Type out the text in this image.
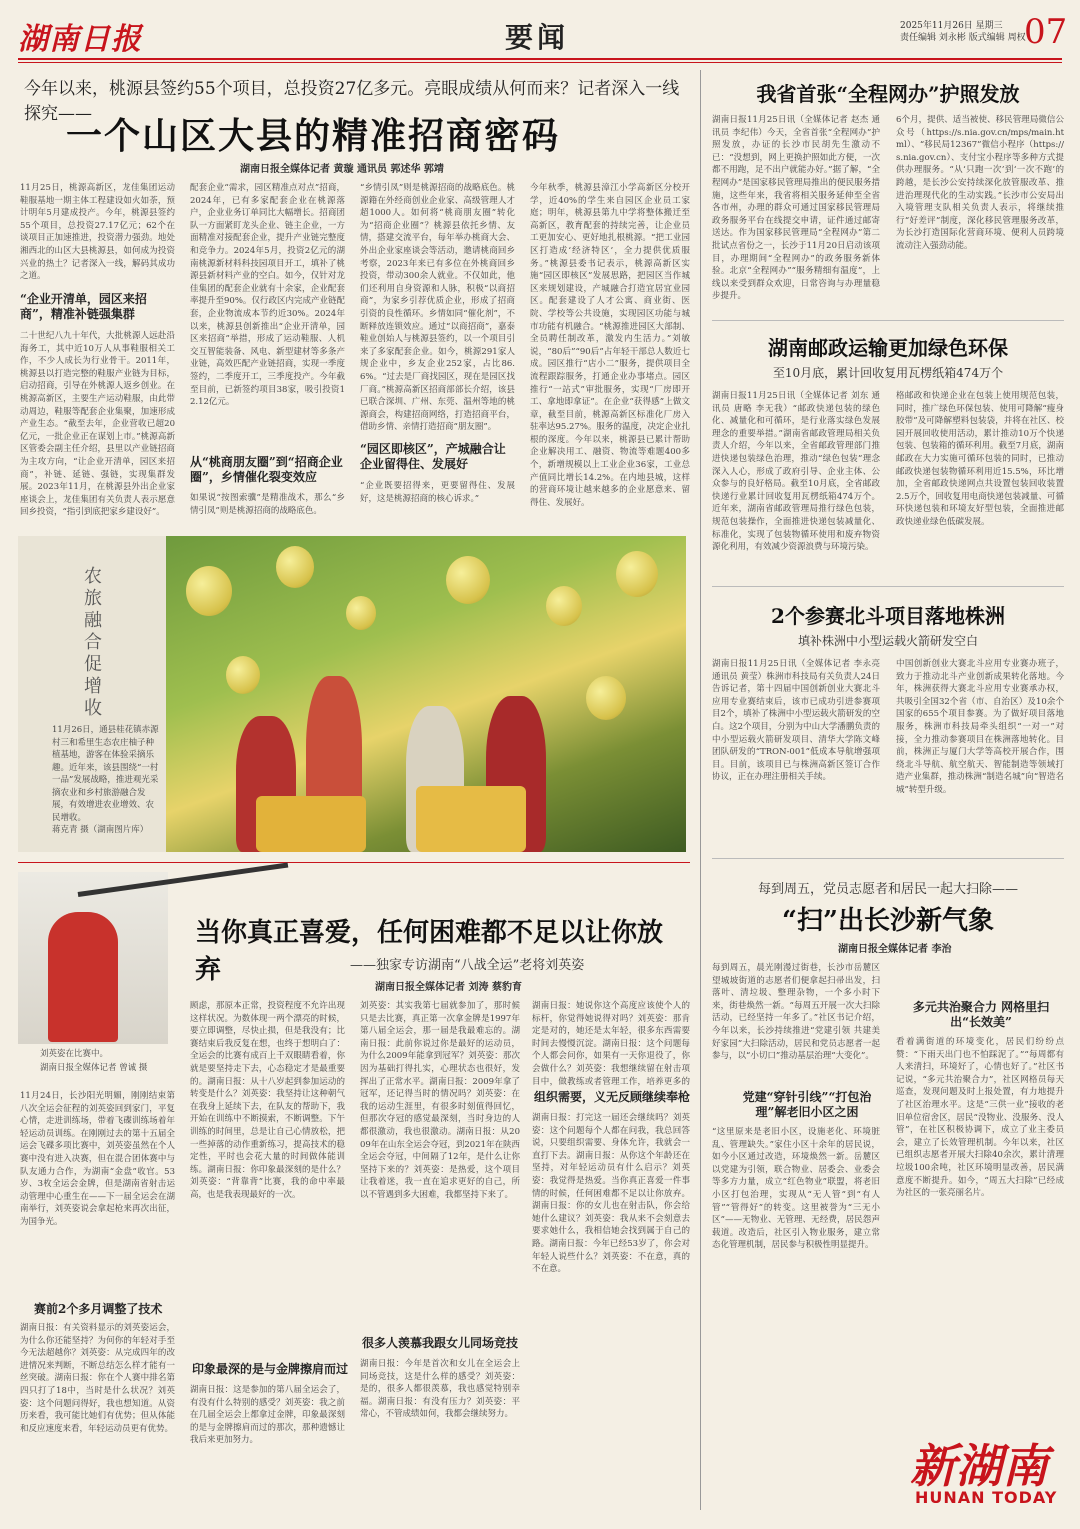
湖南日报	要闻	2025年11月26日 星期三
责任编辑 刘永彬 版式编辑 周权
07
今年以来，桃源县签约55个项目，总投资27亿多元。亮眼成绩从何而来？记者深入一线探究——
一个山区大县的精准招商密码
湖南日报全媒体记者 黄璇 通讯员 郭述华 郭靖
11月25日，桃源高新区，龙佳集团运动鞋服基地一期主体工程建设如火如荼，预计明年5月建成投产。今年，桃源县签约55个项目，总投资27.17亿元；62个在谈项目正加速推进，投资潜力强劲。地处湘西北的山区大县桃源县，如何成为投资兴业的热土？记者深入一线，解码其成功之道。
“企业开清单，园区来招商”，精准补链强集群
二十世纪八九十年代，大批桃源人远赴沿海务工，其中近10万人从事鞋服相关工作，不少人成长为行业骨干。2011年，桃源县以打造完整的鞋服产业链为目标，启动招商，引导在外桃源人返乡创业。在桃源高新区，主要生产运动鞋服，由此带动周边，鞋服等配套企业集聚，加速形成产业生态。“截至去年，企业营收已超20亿元，一批企业正在谋划上市。”桃源高新区管委会副主任介绍，县里以产业链招商为主攻方向，“让企业开清单，园区来招商”，补链、延链、强链，实现集群发展。2023年11月，在桃源县外出企业家座谈会上，龙佳集团有关负责人表示愿意回乡投资，“指引到底把家乡建设好”。
配套企业“需求，园区精准点对点”招商，2024年，已有多家配套企业在桃源落户，企业业务订单同比大幅增长。招商团队一方面紧盯龙头企业、链主企业，一方面精准对接配套企业，提升产业链完整度和竞争力。2024年5月，投资2亿元的湖南桃源新材料科技园项目开工，填补了桃源县新材料产业的空白。如今，仅针对龙佳集团的配套企业就有十余家，企业配套率提升至90%。仅行政区内完成产业链配套，企业物流成本节约近30%。2024年以来，桃源县创新推出“企业开清单，园区来招商”举措，形成了运动鞋服、人机交互智能装备、风电、新型建材等多条产业链，高效匹配产业链招商，实现一季度签约，二季度开工，三季度投产。今年截至目前，已新签约项目38家，吸引投资12.12亿元。
从“桃商朋友圈”到“招商企业圈”，乡情催化裂变效应
如果说“按图索骥”是精准战术，那么“乡情引凤”则是桃源招商的战略底色。
“乡情引凤”则是桃源招商的战略底色。桃源籍在外经商创业企业家、高级管理人才超1000人。如何将“桃商朋友圈”转化为“招商企业圈”？桃源县依托乡情、友情，搭建交流平台，每年举办桃商大会、外出企业家座谈会等活动，邀请桃商回乡考察，2023年来已有多位在外桃商回乡投资，带动300余人就业。不仅如此，他们还利用自身资源和人脉，积极“以商招商”，为家乡引荐优质企业，形成了招商引资的良性循环。乡情如同“催化剂”，不断释放连锁效应。通过“以商招商”，嘉泰鞋业创始人与桃源县签约，以一个项目引来了多家配套企业。如今，桃源291家人规企业中，乡友企业252家，占比86.6%。“过去是厂商找园区，现在是园区找厂商。”桃源高新区招商部部长介绍，该县已联合深圳、广州、东莞、温州等地的桃源商会，构建招商网络，打造招商平台，借助乡情、亲情打造招商“朋友圈”。
“园区即核区”，产城融合让企业留得住、发展好
“企业既要招得来，更要留得住、发展好，这是桃源招商的核心诉求。”
今年秋季，桃源县漳江小学高新区分校开学，近40%的学生来自园区企业员工家庭；明年，桃源县第九中学将整体搬迁至高新区，教育配套的持续完善，让企业员工更加安心、更好地扎根桃源。“把工业园区打造成‘经济特区’，全力提供优质服务。”桃源县委书记表示，桃源高新区实施“园区即核区”发展思路，把园区当作城区来规划建设，产城融合打造宜居宜业园区。配套建设了人才公寓、商业街、医院、学校等公共设施，实现园区功能与城市功能有机融合。“桃源推进园区大部制、全员聘任制改革，激发内生活力。”刘敏说，“80后”“90后”占年轻干部总人数近七成。园区推行“店小二”服务，提供项目全流程跟踪服务，打通企业办事堵点。园区推行“一站式”审批服务，实现“厂房即开工、拿地即拿证”。在企业“获得感”上做文章，截至目前，桃源高新区标准化厂房入驻率达95.27%。服务的温度，决定企业扎根的深度。今年以来，桃源县已累计帮助企业解决用工、融资、物流等难题400多个，新增规模以上工业企业36家，工业总产值同比增长14.2%。在内地县城，这样的营商环境让越来越多的企业愿意来、留得住、发展好。
农旅融合促增收
11月26日，通县桂花镇赤源村三和希里生态农庄柚子种植基地，游客在体验采摘乐趣。近年来，该县围绕“一村一品”发展战略，推进观光采摘农业和乡村旅游融合发展，有效增进农业增效、农民增收。
蒋克青 摄（湖南图片库）
刘英姿在比赛中。
湖南日报全媒体记者 曾诚 摄
当你真正喜爱，任何困难都不足以让你放弃	——独家专访湖南“八战全运”老将刘英姿
湖南日报全媒体记者 刘涛 蔡豹育
11月24日，长沙阳光明媚，刚刚结束第八次全运会征程的刘英姿回到家门，平复心情，走进训练场，带着飞碟训练场着年轻运动员训练。在刚刚过去的第十五届全运会飞碟多项比赛中，刘英姿虽然在个人赛中没有进入决赛，但在混合团体赛中与队友通力合作，为湖南“金盘”收官。53岁、3枚全运会金牌，但是湖南省射击运动管理中心重生在——下一届全运会在湖南举行，刘英姿说会拿起枪来再次出征，为国争光。
赛前2个多月调整了技术
湖南日报：有关资料显示的刘英姿运会，为什么你还能坚持？为何你的年轻对手至今无法超越你？刘英姿：从完成四年的改进情况来判断，不断总结怎么样才能有一丝突破。湖南日报：你在个人赛中排名第四只打了18中，当时是什么状况？刘英姿：这个问题问得好，我也想知道。从资历来看，我可能比她们有优势；但从体能和反应速度来看，年轻运动员更有优势。
顾虑，那原本正常，投资程度不允许出现这样状况。为数体现一两个漂亮的时候，要立即调整，尽快止损，但是我没有；比赛结束后我反复在想，也终于想明白了：全运会的比赛有成百上千双眼睛看着，你就是要坚持走下去，心态稳定才是最重要的。湖南日报：从十八岁起到参加运动的转变是什么？刘英姿：我坚持让这种朝气在我身上延续下去，在队友的帮助下，我开始在训练中不断摸索，不断调整。下午训练的时间里，总是让自己心情放松，把一些掉落的动作重新练习，提高技术的稳定性，平时也会花大量的时间做体能训练。湖南日报：你印象最深刻的是什么？刘英姿：“背靠背”比赛，我的命中率最高，也是我表现最好的一次。
印象最深的是与金牌擦肩而过
湖南日报：这是参加的第八届全运会了，有没有什么特别的感受？刘英姿：我之前在几届全运会上都拿过金牌，印象最深刻的是与金牌擦肩而过的那次，那种遗憾让我后来更加努力。
刘英姿：其实我第七届就参加了，那时候只是去比赛，真正第一次拿金牌是1997年第八届全运会，那一届是我最难忘的。湖南日报：此前你说过你是最好的运动员，为什么2009年能拿到冠军？刘英姿：那次因为基础打得扎实，心理状态也很好，发挥出了正常水平。湖南日报：2009年拿了冠军，还记得当时的情况吗？刘英姿：在我的运动生涯里，有很多时刻值得回忆，但那次夺冠的感觉最深刻，当时身边的人都很激动，我也很激动。湖南日报：从2009年在山东全运会夺冠，到2021年在陕西全运会夺冠，中间隔了12年，是什么让你坚持下来的？刘英姿：是热爱，这个项目让我着迷，我一直在追求更好的自己，所以不管遇到多大困难，我都坚持下来了。
很多人羡慕我跟女儿同场竞技
湖南日报：今年是首次和女儿在全运会上同场竞技，这是什么样的感受？刘英姿：是的，很多人都很羡慕，我也感觉特别幸福。湖南日报：有没有压力？刘英姿：平常心，不管成绩如何，我都会继续努力。
湖南日报：她说你这个高度应该使个人的标杆，你觉得她说得对吗？刘英姿：那肯定是对的，她还是太年轻，很多东西需要时间去慢慢沉淀。湖南日报：这个问题每个人都会问你，如果有一天你退役了，你会做什么？刘英姿：我想继续留在射击项目中，做教练或者管理工作，培养更多的
组织需要，义无反顾继续奉枪
湖南日报：打完这一届还会继续吗？刘英姿：这个问题每个人都在问我，我总回答说，只要组织需要、身体允许，我就会一直打下去。湖南日报：从你这个年龄还在坚持，对年轻运动员有什么启示？刘英姿：我觉得是热爱。当你真正喜爱一件事情的时候，任何困难都不足以让你放弃。湖南日报：你的女儿也在射击队，你会给她什么建议？刘英姿：我从来不会刻意去要求她什么，我相信她会找到属于自己的路。湖南日报：今年已经53岁了，你会对年轻人说些什么？刘英姿：不在意，真的不在意。
我省首张“全程网办”护照发放
湖南日报11月25日讯（全媒体记者 赵杰 通讯员 李纪伟）今天，全省首张“全程网办”护照发放，办证的长沙市民胡先生激动不已：“没想到，网上更换护照如此方便，一次都不用跑，足不出户就能办好。”据了解，“全程网办”是国家移民管理局推出的便民服务措施，这些年来，我省将相关服务延伸至全省各市州，办理的群众可通过国家移民管理局政务服务平台在线提交申请，证件通过邮寄送达。作为国家移民管理局“全程网办”第二批试点省份之一，长沙于11月20日启动该项目，办理期间“全程网办”的政务服务新体验。北京“全程网办”“服务精细有温度”，上线以来受到群众欢迎，日常咨询与办理量稳步提升。
6个月，提供、适当被使、移民管理局微信公众号（https://s.nia.gov.cn/mps/main.html）、“移民局12367”微信小程序（https://s.nia.gov.cn）、支付宝小程序等多种方式提供办理服务。“从‘只跑一次’到‘一次不跑’的跨越，是长沙公安持续深化放管服改革、推进治理现代化的生动实践。”长沙市公安局出入境管理支队相关负责人表示，将继续推行“好差评”制度，深化移民管理服务改革，为长沙打造国际化营商环境、便利人员跨境流动注入强劲动能。
湖南邮政运输更加绿色环保
至10月底，累计回收复用瓦楞纸箱474万个
湖南日报11月25日讯（全媒体记者 刘东 通讯员 唐略 李无我）“邮政快递包装的绿色化、减量化和可循环，是行业落实绿色发展理念的重要举措。”湖南省邮政管理局相关负责人介绍，今年以来，全省邮政管理部门推进快递包装绿色治理，推动“绿色包装”理念深入人心，形成了政府引导、企业主体、公众参与的良好格局。截至10月底，全省邮政快递行业累计回收复用瓦楞纸箱474万个。近年来，湖南省邮政管理局推行绿色包装，规范包装操作，全面推进快递包装减量化、标准化，实现了包装物循环使用和废弃物资源化利用，有效减少资源浪费与环境污染。
格邮政和快递企业在包装上使用规范包装，同时，推广绿色环保包装、使用可降解“瘦身胶带”及可降解塑料包装袋，并将在社区、校园开展回收使用活动，累计推动10万个快递包装、包装箱的循环利用。截至7月底，湖南邮政在大力实施可循环包装的同时，已推动邮政快递包装物循环利用近15.5%，环比增加，全省邮政快递网点共设置包装回收装置2.5万个，回收复用电商快递包装减量、可循环快递包装和环境友好型包装，全面推进邮政快递业绿色低碳发展。
2个参赛北斗项目落地株洲
填补株洲中小型运载火箭研发空白
湖南日报11月25日讯（全媒体记者 李永亮 通讯员 黄莹）株洲市科技局有关负责人24日告诉记者，第十四届中国创新创业大赛北斗应用专业赛结束后，该市已成功引进参赛项目2个，填补了株洲中小型运载火箭研发的空白。这2个项目，分别为中山大学潘鹏负责的中小型运载火箭研发项目、清华大学陈文峰团队研发的“TRON-001”低成本导航增强项目。目前，该项目已与株洲高新区签订合作协议，正在办理注册相关手续。
中国创新创业大赛北斗应用专业赛办班子，致力于推动北斗产业创新成果转化落地。今年，株洲获得大赛北斗应用专业赛承办权，共吸引全国32个省（市、自治区）及10余个国家的655个项目参赛。为了做好项目落地服务，株洲市科技局牵头组织“一对一”对接，全力推动参赛项目在株洲落地转化。目前，株洲正与厦门大学等高校开展合作，围绕北斗导航、航空航天、智能制造等领域打造产业集群，推动株洲“制造名城”向“智造名城”转型升级。
每到周五，党员志愿者和居民一起大扫除——
“扫”出长沙新气象
湖南日报全媒体记者 李治
每到周五，晨光刚漫过街巷，长沙市岳麓区望城坡街道的志愿者们便拿起扫帚出发，扫落叶、清垃圾、整理杂物，一个多小时下来，街巷焕然一新。“每周五开展一次大扫除活动，已经坚持一年多了。”社区书记介绍，今年以来，长沙持续推进“党建引领 共建美好家园”大扫除活动，居民和党员志愿者一起参与，以“小切口”推动基层治理“大变化”。
党建“穿针引线”“打包治理”解老旧小区之困
“这里原来是老旧小区，设施老化、环境脏乱、管理缺失。”家住小区十余年的居民说，如今小区通过改造，环境焕然一新。岳麓区以党建为引领，联合物业、居委会、业委会等多方力量，成立“红色物业”联盟，将老旧小区打包治理，实现从“无人管”到“有人管”“管得好”的转变。这里被誉为“三无小区”——无物业、无管理、无经费，居民怨声载道。改造后，社区引入物业服务，建立常态化管理机制，居民参与积极性明显提升。
多元共治聚合力 网格里扫出“长效美”
看着满街道的环境变化，居民们纷纷点赞：“下雨天出门也不怕踩泥了。”“每周都有人来清扫，环境好了，心情也好了。”社区书记说，“多元共治聚合力”，社区网格员每天巡查，发现问题及时上报处置，有力地提升了社区治理水平。这是“三供一业”接收的老旧单位宿舍区，居民“没物业、没服务、没人管”，在社区积极协调下，成立了业主委员会，建立了长效管理机制。今年以来，社区已组织志愿者开展大扫除40余次，累计清理垃圾100余吨，社区环境明显改善，居民满意度不断提升。如今，“周五大扫除”已经成为社区的一张亮丽名片。
新湖南
HUNAN TODAY
